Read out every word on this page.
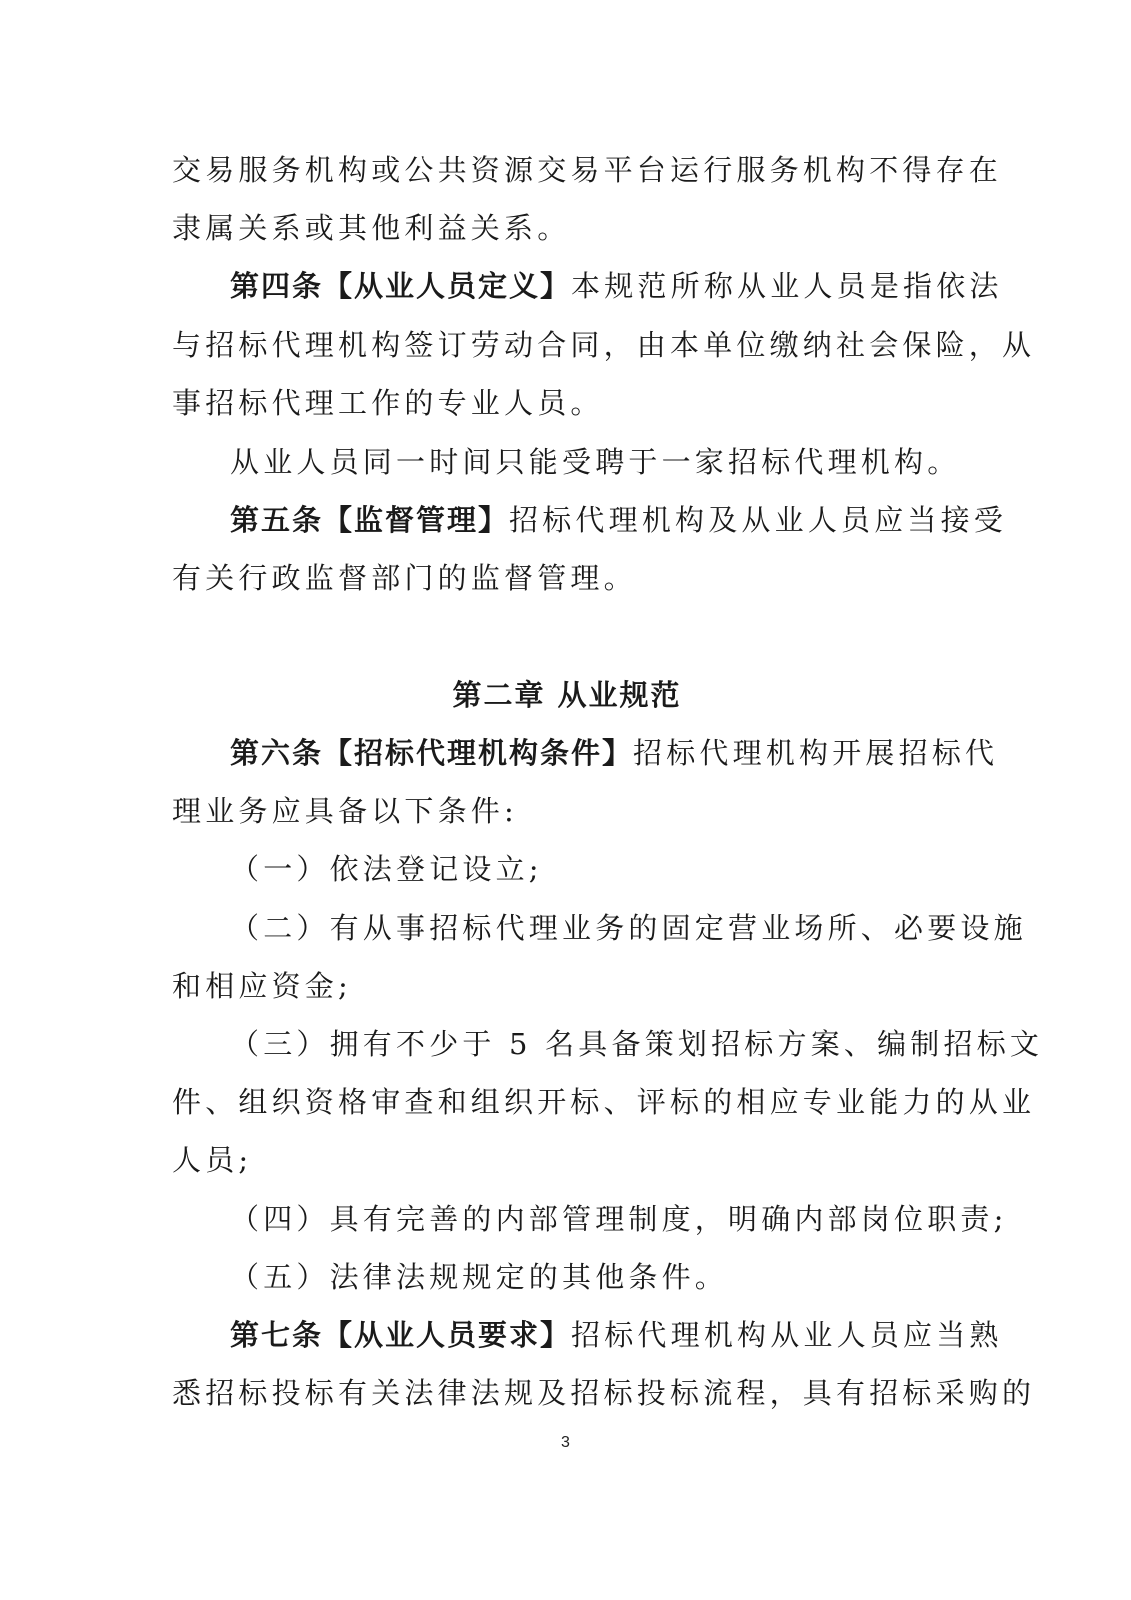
交易服务机构或公共资源交易平台运行服务机构不得存在
隶属关系或其他利益关系。
第四条【从业人员定义】本规范所称从业人员是指依法
与招标代理机构签订劳动合同，由本单位缴纳社会保险，从
事招标代理工作的专业人员。
从业人员同一时间只能受聘于一家招标代理机构。
第五条【监督管理】招标代理机构及从业人员应当接受
有关行政监督部门的监督管理。
第二章 从业规范
第六条【招标代理机构条件】招标代理机构开展招标代
理业务应具备以下条件:
（一）依法登记设立;
（二）有从事招标代理业务的固定营业场所、必要设施
和相应资金;
（三）拥有不少于 5 名具备策划招标方案、编制招标文
件、组织资格审查和组织开标、评标的相应专业能力的从业
人员;
（四）具有完善的内部管理制度，明确内部岗位职责;
（五）法律法规规定的其他条件。
第七条【从业人员要求】招标代理机构从业人员应当熟
悉招标投标有关法律法规及招标投标流程，具有招标采购的
3
